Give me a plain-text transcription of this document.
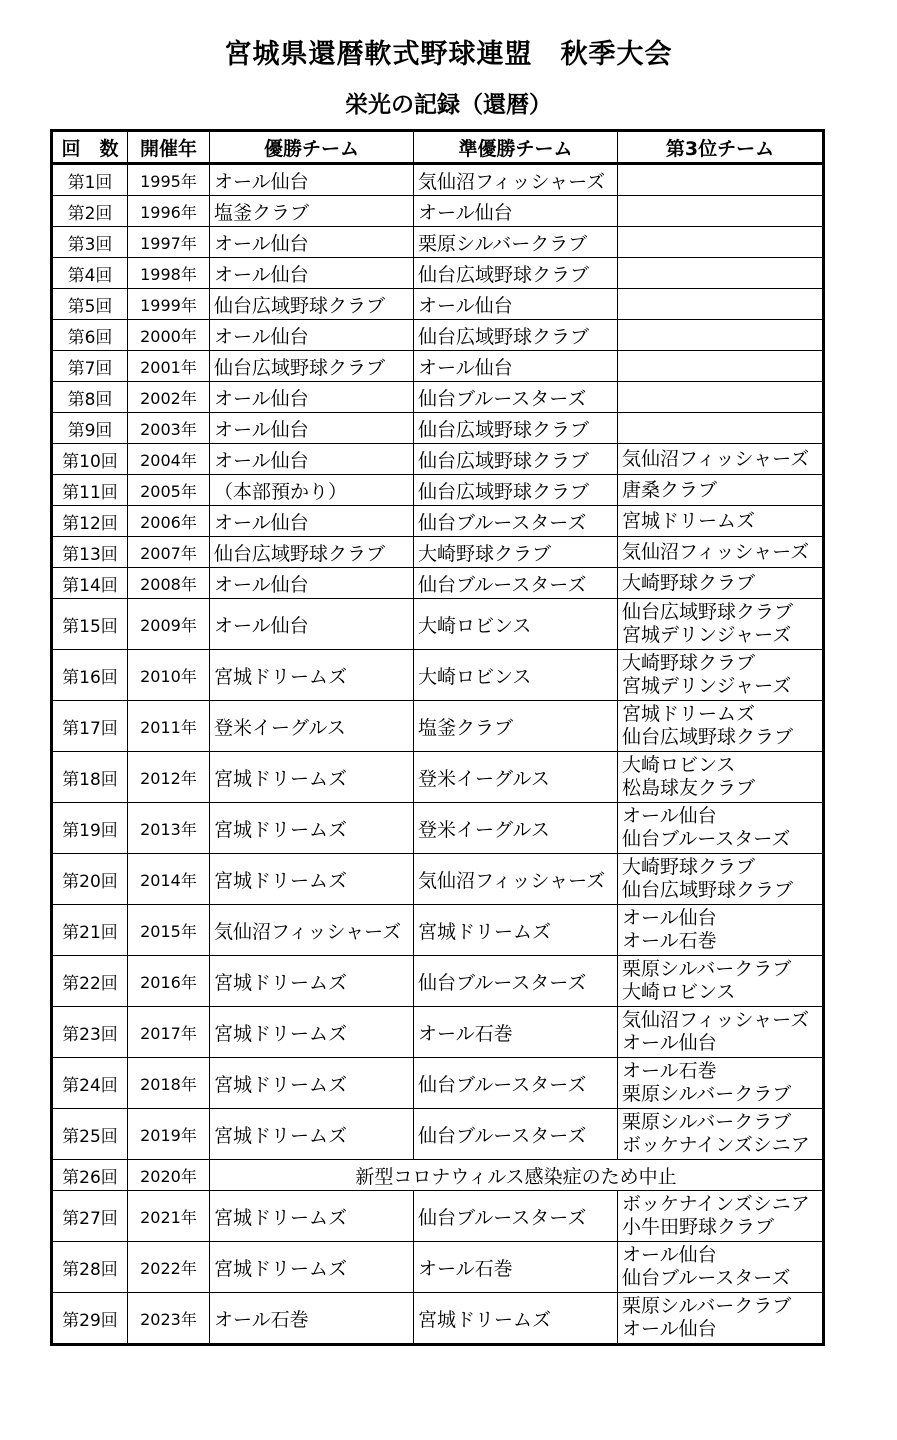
宮城県還暦軟式野球連盟　秋季大会
栄光の記録（還暦）
回　数	開催年	優勝チーム	準優勝チーム	第3位チーム
第1回	1995年	オール仙台	気仙沼フィッシャーズ	
第2回	1996年	塩釜クラブ	オール仙台	
第3回	1997年	オール仙台	栗原シルバークラブ	
第4回	1998年	オール仙台	仙台広域野球クラブ	
第5回	1999年	仙台広域野球クラブ	オール仙台	
第6回	2000年	オール仙台	仙台広域野球クラブ	
第7回	2001年	仙台広域野球クラブ	オール仙台	
第8回	2002年	オール仙台	仙台ブルースターズ	
第9回	2003年	オール仙台	仙台広域野球クラブ	
第10回	2004年	オール仙台	仙台広域野球クラブ	気仙沼フィッシャーズ

第11回	2005年	（本部預かり）	仙台広域野球クラブ	唐桑クラブ

第12回	2006年	オール仙台	仙台ブルースターズ	宮城ドリームズ

第13回	2007年	仙台広域野球クラブ	大崎野球クラブ	気仙沼フィッシャーズ

第14回	2008年	オール仙台	仙台ブルースターズ	大崎野球クラブ

第15回	2009年	オール仙台	大崎ロビンス	仙台広域野球クラブ
宮城デリンジャーズ

第16回	2010年	宮城ドリームズ	大崎ロビンス	大崎野球クラブ
宮城デリンジャーズ

第17回	2011年	登米イーグルス	塩釜クラブ	宮城ドリームズ
仙台広域野球クラブ

第18回	2012年	宮城ドリームズ	登米イーグルス	大崎ロビンス
松島球友クラブ

第19回	2013年	宮城ドリームズ	登米イーグルス	オール仙台
仙台ブルースターズ

第20回	2014年	宮城ドリームズ	気仙沼フィッシャーズ	大崎野球クラブ
仙台広域野球クラブ

第21回	2015年	気仙沼フィッシャーズ	宮城ドリームズ	オール仙台
オール石巻

第22回	2016年	宮城ドリームズ	仙台ブルースターズ	栗原シルバークラブ
大崎ロビンス

第23回	2017年	宮城ドリームズ	オール石巻	気仙沼フィッシャーズ
オール仙台

第24回	2018年	宮城ドリームズ	仙台ブルースターズ	オール石巻
栗原シルバークラブ

第25回	2019年	宮城ドリームズ	仙台ブルースターズ	栗原シルバークラブ
ボッケナインズシニア

第26回	2020年	新型コロナウィルス感染症のため中止		
第27回	2021年	宮城ドリームズ	仙台ブルースターズ	ボッケナインズシニア
小牛田野球クラブ

第28回	2022年	宮城ドリームズ	オール石巻	オール仙台
仙台ブルースターズ

第29回	2023年	オール石巻	宮城ドリームズ	栗原シルバークラブ
オール仙台
